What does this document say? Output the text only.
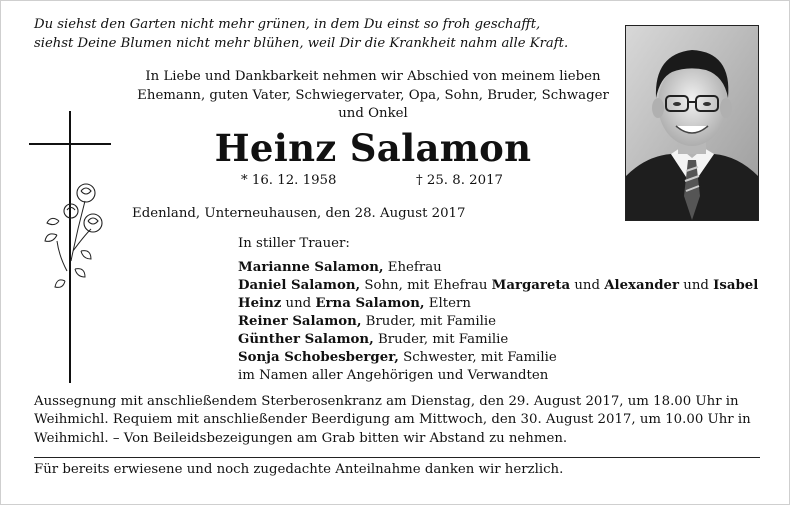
Du siehst den Garten nicht mehr grünen, in dem Du einst so froh geschafft,
siehst Deine Blumen nicht mehr blühen, weil Dir die Krankheit nahm alle Kraft.
In Liebe und Dankbarkeit nehmen wir Abschied von meinem lieben
Ehemann, guten Vater, Schwiegervater, Opa, Sohn, Bruder, Schwager
und Onkel
Heinz Salamon
* 16. 12. 1958	† 25. 8. 2017
Edenland, Unterneuhausen, den 28. August 2017
In stiller Trauer:
Marianne Salamon, Ehefrau
Daniel Salamon, Sohn, mit Ehefrau Margareta und Alexander und Isabel
Heinz und Erna Salamon, Eltern
Reiner Salamon, Bruder, mit Familie
Günther Salamon, Bruder, mit Familie
Sonja Schobesberger, Schwester, mit Familie
im Namen aller Angehörigen und Verwandten
Aussegnung mit anschließendem Sterberosenkranz am Dienstag, den 29. August 2017, um 18.00 Uhr in
Weihmichl. Requiem mit anschließender Beerdigung am Mittwoch, den 30. August 2017, um 10.00 Uhr in
Weihmichl. – Von Beileidsbezeigungen am Grab bitten wir Abstand zu nehmen.
Für bereits erwiesene und noch zugedachte Anteilnahme danken wir herzlich.
